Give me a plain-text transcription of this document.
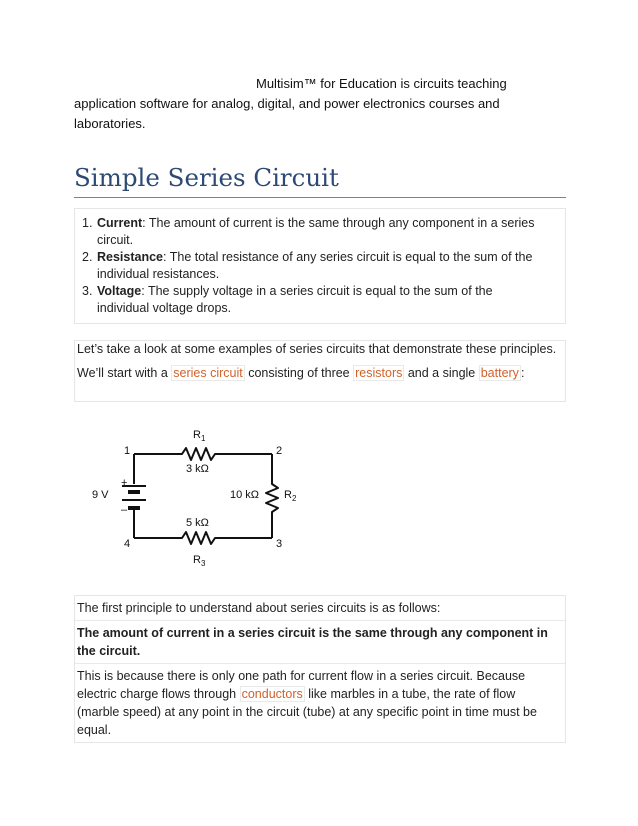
Multisim™ for Education is circuits teaching
application software for analog, digital, and power electronics courses and
laboratories.
Simple Series Circuit
1. Current: The amount of current is the same through any component in a series
circuit.
2. Resistance: The total resistance of any series circuit is equal to the sum of the
individual resistances.
3. Voltage: The supply voltage in a series circuit is equal to the sum of the
individual voltage drops.

Let’s take a look at some examples of series circuits that demonstrate these principles.

We’ll start with a series circuit consisting of three resistors and a single battery :

1	2
3
4
+
–
9 V
$R_1$
3 kΩ
10 kΩ $R_2$
5 kΩ
$R_3$
The first principle to understand about series circuits is as follows:
The amount of current in a series circuit is the same through any component in the circuit.
This is because there is only one path for current flow in a series circuit. Because electric charge flows through conductors like marbles in a tube, the rate of flow (marble speed) at any point in the circuit (tube) at any specific point in time must be equal.
